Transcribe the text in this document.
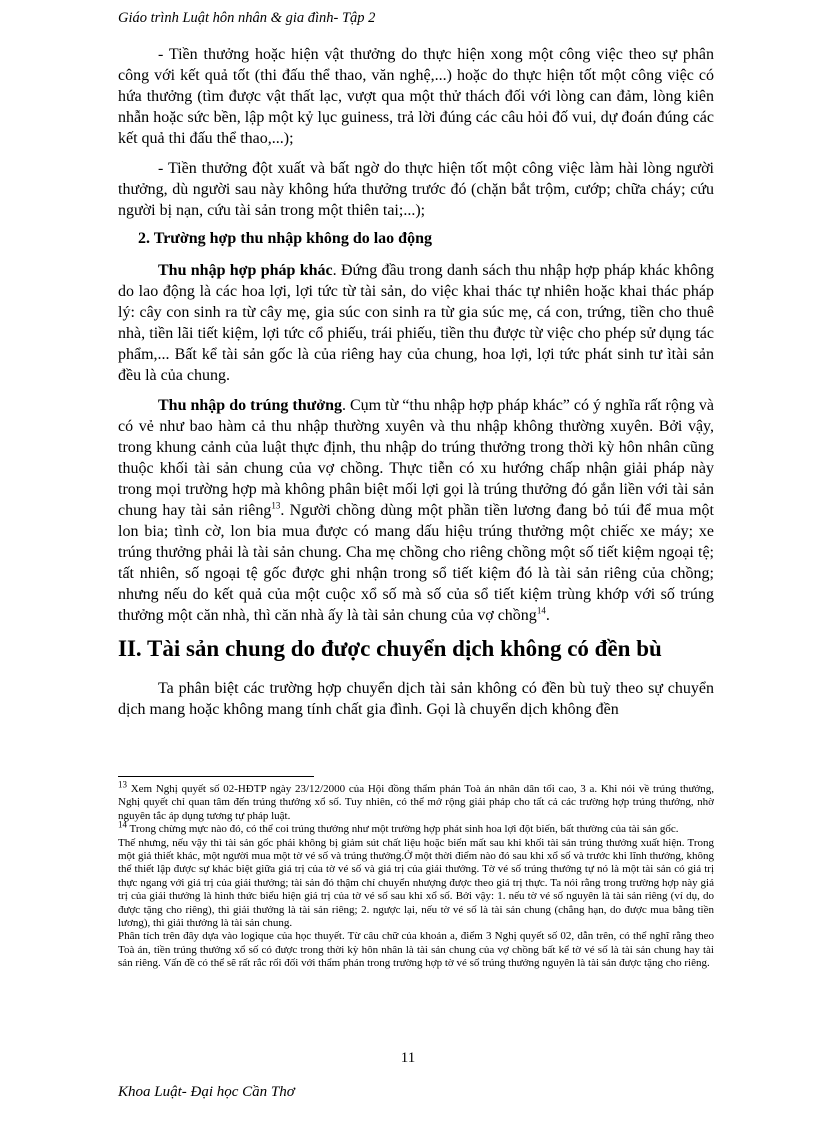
Giáo trình Luật hôn nhân & gia đình- Tập 2

- Tiền thưởng hoặc hiện vật thưởng do thực hiện xong một công việc theo sự phân công với kết quả tốt (thi đấu thể thao, văn nghệ,...) hoặc do thực hiện tốt một công việc có hứa thưởng (tìm được vật thất lạc, vượt qua một thử thách đối với lòng can đảm, lòng kiên nhẫn hoặc sức bền, lập một kỷ lục guiness, trả lời đúng các câu hỏi đố vui, dự đoán đúng các kết quả thi đấu thể thao,...);

- Tiền thưởng đột xuất và bất ngờ do thực hiện tốt một công việc làm hài lòng người thưởng, dù người sau này không hứa thưởng trước đó (chặn bắt trộm, cướp; chữa cháy; cứu người bị nạn, cứu tài sản trong một thiên tai;...);

2. Trường hợp thu nhập không do lao động

Thu nhập hợp pháp khác. Đứng đầu trong danh sách thu nhập hợp pháp khác không do lao động là các hoa lợi, lợi tức từ tài sản, do việc khai thác tự nhiên hoặc khai thác pháp lý: cây con sinh ra từ cây mẹ, gia súc con sinh ra từ gia súc mẹ, cá con, trứng, tiền cho thuê nhà, tiền lãi tiết kiệm, lợi tức cổ phiếu, trái phiếu, tiền thu được từ việc cho phép sử dụng tác phẩm,... Bất kể tài sản gốc là của riêng hay của chung, hoa lợi, lợi tức phát sinh tư ìtài sản đều là của chung.

Thu nhập do trúng thưởng. Cụm từ “thu nhập hợp pháp khác” có ý nghĩa rất rộng và có vẻ như bao hàm cả thu nhập thường xuyên và thu nhập không thường xuyên. Bởi vậy, trong khung cảnh của luật thực định, thu nhập do trúng thưởng trong thời kỳ hôn nhân cũng thuộc khối tài sản chung của vợ chồng. Thực tiễn có xu hướng chấp nhận giải pháp này trong mọi trường hợp mà không phân biệt mối lợi gọi là trúng thưởng đó gắn liền với tài sản chung hay tài sản riêng$^{13}$. Người chồng dùng một phần tiền lương đang bỏ túi để mua một lon bia; tình cờ, lon bia mua được có mang dấu hiệu trúng thưởng một chiếc xe máy; xe trúng thưởng phải là tài sản chung. Cha mẹ chồng cho riêng chồng một số tiết kiệm ngoại tệ; tất nhiên, số ngoại tệ gốc được ghi nhận trong sổ tiết kiệm đó là tài sản riêng của chồng; nhưng nếu do kết quả của một cuộc xổ số mà số của sổ tiết kiệm trùng khớp với số trúng thưởng một căn nhà, thì căn nhà ấy là tài sản chung của vợ chồng$^{14}$.

II. Tài sản chung do được chuyển dịch không có đền bù

Ta phân biệt các trường hợp chuyển dịch tài sản không có đền bù tuỳ theo sự chuyển dịch mang hoặc không mang tính chất gia đình. Gọi là chuyển dịch không đền

$^{13}$ Xem Nghị quyết số 02-HĐTP ngày 23/12/2000 của Hội đồng thẩm phán Toà án nhân dân tối cao, 3 a. Khi nói về trúng thưởng, Nghị quyết chỉ quan tâm đến trúng thưởng xổ số. Tuy nhiên, có thể mở rộng giải pháp cho tất cả các trường hợp trúng thưởng, nhờ nguyên tắc áp dụng tương tự pháp luật.

$^{14}$ Trong chừng mực nào đó, có thể coi trúng thưởng như một trường hợp phát sinh hoa lợi đột biến, bất thường của tài sản gốc.

Thế nhưng, nếu vậy thì tài sản gốc phải không bị giảm sút chất liệu hoặc biến mất sau khi khối tài sản trúng thưởng xuất hiện. Trong một giả thiết khác, một người mua một tờ vé số và trúng thưởng.Ở một thời điểm nào đó sau khi xổ số và trước khi lĩnh thưởng, không thể thiết lập được sự khác biệt giữa giá trị của tờ vé số và giá trị của giải thưởng. Tờ vé số trúng thưởng tự nó là một tài sản có giá trị thực ngang với giá trị của giải thưởng; tài sản đó thậm chí chuyển nhượng được theo giá trị thực. Ta nói rằng trong trường hợp này giá trị của giải thưởng là hình thức biểu hiện giá trị của tờ vé số sau khi xổ số. Bởi vậy: 1. nếu tờ vé số nguyên là tài sản riêng (ví dụ, do được tặng cho riêng), thì giải thưởng là tài sản riêng; 2. ngược lại, nếu tờ vé số là tài sản chung (chẳng hạn, do được mua bằng tiền lương), thì giải thưởng là tài sản chung.

Phân tích trên đây dựa vào logique của học thuyết. Từ câu chữ của khoản a, điểm 3 Nghị quyết số 02, dẫn trên, có thể nghĩ rằng theo Toà án, tiền trúng thưởng xổ số có được trong thời kỳ hôn nhân là tài sản chung của vợ chồng bất kể tờ vé số là tài sản chung hay tài sản riêng. Vấn đề có thể sẽ rất rắc rối đối với thẩm phán trong trường hợp tờ vé số trúng thưởng nguyên là tài sản được tặng cho riêng.

11
Khoa Luật- Đại học Cần Thơ
